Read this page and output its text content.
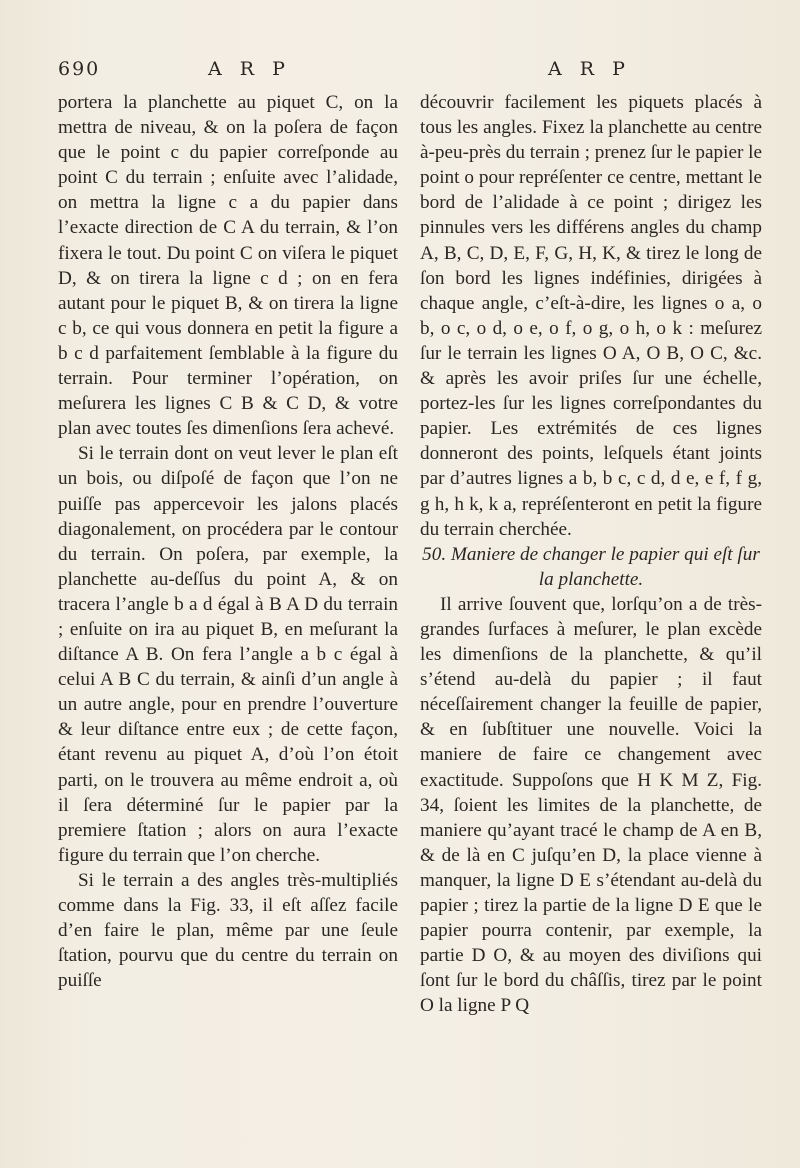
690	A R P	A R P

portera la planchette au piquet C, on la mettra de niveau, & on la poſera de façon que le point c du papier correſponde au point C du terrain ; enſuite avec l’alidade, on mettra la ligne c a du papier dans l’exacte direction de C A du terrain, & l’on fixera le tout. Du point C on viſera le piquet D, & on tirera la ligne c d ; on en fera autant pour le piquet B, & on tirera la ligne c b, ce qui vous donnera en petit la figure a b c d parfaitement ſemblable à la figure du terrain. Pour terminer l’opération, on meſurera les lignes C B & C D, & votre plan avec toutes ſes dimenſions ſera achevé.

Si le terrain dont on veut lever le plan eſt un bois, ou diſpoſé de façon que l’on ne puiſſe pas appercevoir les jalons placés diagonalement, on procédera par le contour du terrain. On poſera, par exemple, la planchette au-deſſus du point A, & on tracera l’angle b a d égal à B A D du terrain ; enſuite on ira au piquet B, en meſurant la diſtance A B. On fera l’angle a b c égal à celui A B C du terrain, & ainſi d’un angle à un autre angle, pour en prendre l’ouverture & leur diſtance entre eux ; de cette façon, étant revenu au piquet A, d’où l’on étoit parti, on le trouvera au même endroit a, où il ſera déterminé ſur le papier par la premiere ſtation ; alors on aura l’exacte figure du terrain que l’on cherche.

Si le terrain a des angles très-multipliés comme dans la Fig. 33, il eſt aſſez facile d’en faire le plan, même par une ſeule ſtation, pourvu que du centre du terrain on puiſſe

découvrir facilement les piquets placés à tous les angles. Fixez la planchette au centre à-peu-près du terrain ; prenez ſur le papier le point o pour repréſenter ce centre, mettant le bord de l’alidade à ce point ; dirigez les pinnules vers les différens angles du champ A, B, C, D, E, F, G, H, K, & tirez le long de ſon bord les lignes indéfinies, dirigées à chaque angle, c’eſt-à-dire, les lignes o a, o b, o c, o d, o e, o f, o g, o h, o k : meſurez ſur le terrain les lignes O A, O B, O C, &c. & après les avoir priſes ſur une échelle, portez-les ſur les lignes correſpondantes du papier. Les extrémités de ces lignes donneront des points, leſquels étant joints par d’autres lignes a b, b c, c d, d e, e f, f g, g h, h k, k a, repréſenteront en petit la figure du terrain cherchée.

50. Maniere de changer le papier qui eſt ſur la planchette.

Il arrive ſouvent que, lorſqu’on a de très-grandes ſurfaces à meſurer, le plan excède les dimenſions de la planchette, & qu’il s’étend au-delà du papier ; il faut néceſſairement changer la feuille de papier, & en ſubſtituer une nouvelle. Voici la maniere de faire ce changement avec exactitude. Suppoſons que H K M Z, Fig. 34, ſoient les limites de la planchette, de maniere qu’ayant tracé le champ de A en B, & de là en C juſqu’en D, la place vienne à manquer, la ligne D E s’étendant au-delà du papier ; tirez la partie de la ligne D E que le papier pourra contenir, par exemple, la partie D O, & au moyen des diviſions qui ſont ſur le bord du châſſis, tirez par le point O la ligne P Q
